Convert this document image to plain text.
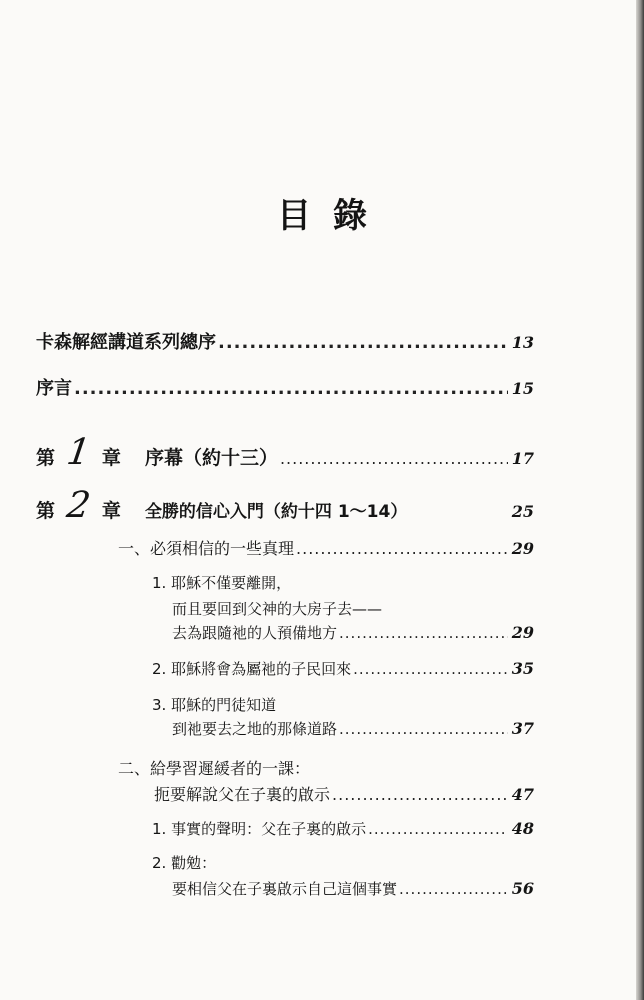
目錄
卡森解經講道系列總序 .....	13
序言 .....	15
第 1 章 序幕（約十三） .....	17
第 2 章 全勝的信心入門（約十四 1〜14）	25
一、必須相信的一些真理 .....	29
1. 耶穌不僅要離開，
而且要回到父神的大房子去——
去為跟隨祂的人預備地方 .....	29
2. 耶穌將會為屬祂的子民回來 .....	35
3. 耶穌的門徒知道
到祂要去之地的那條道路 .....	37
二、給學習遲緩者的一課：
扼要解說父在子裏的啟示 .....	47
1. 事實的聲明：父在子裏的啟示 .....	48
2. 勸勉：
要相信父在子裏啟示自己這個事實 .....	56
